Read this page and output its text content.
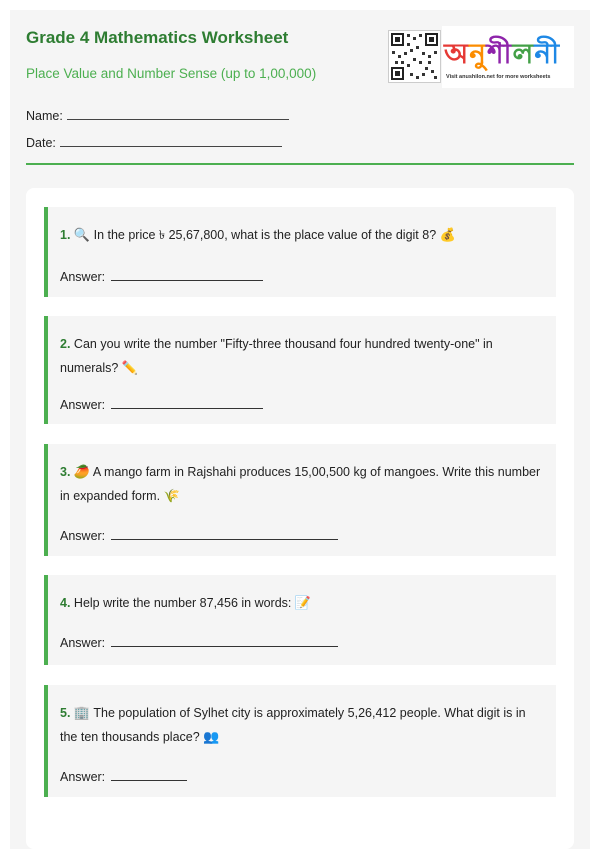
Grade 4 Mathematics Worksheet
Place Value and Number Sense (up to 1,00,000)
Name:
Date:
অনুশীলনী
Visit anushilon.net for more worksheets
1. 🔍 In the price ৳ 25,67,800, what is the place value of the digit 8? 💰
Answer:
2. Can you write the number "Fifty-three thousand four hundred twenty-one" in numerals? ✏️
Answer:
3. 🥭 A mango farm in Rajshahi produces 15,00,500 kg of mangoes. Write this number in expanded form. 🌾
Answer:
4. Help write the number 87,456 in words: 📝
Answer:
5. 🏢 The population of Sylhet city is approximately 5,26,412 people. What digit is in the ten thousands place? 👥
Answer:
